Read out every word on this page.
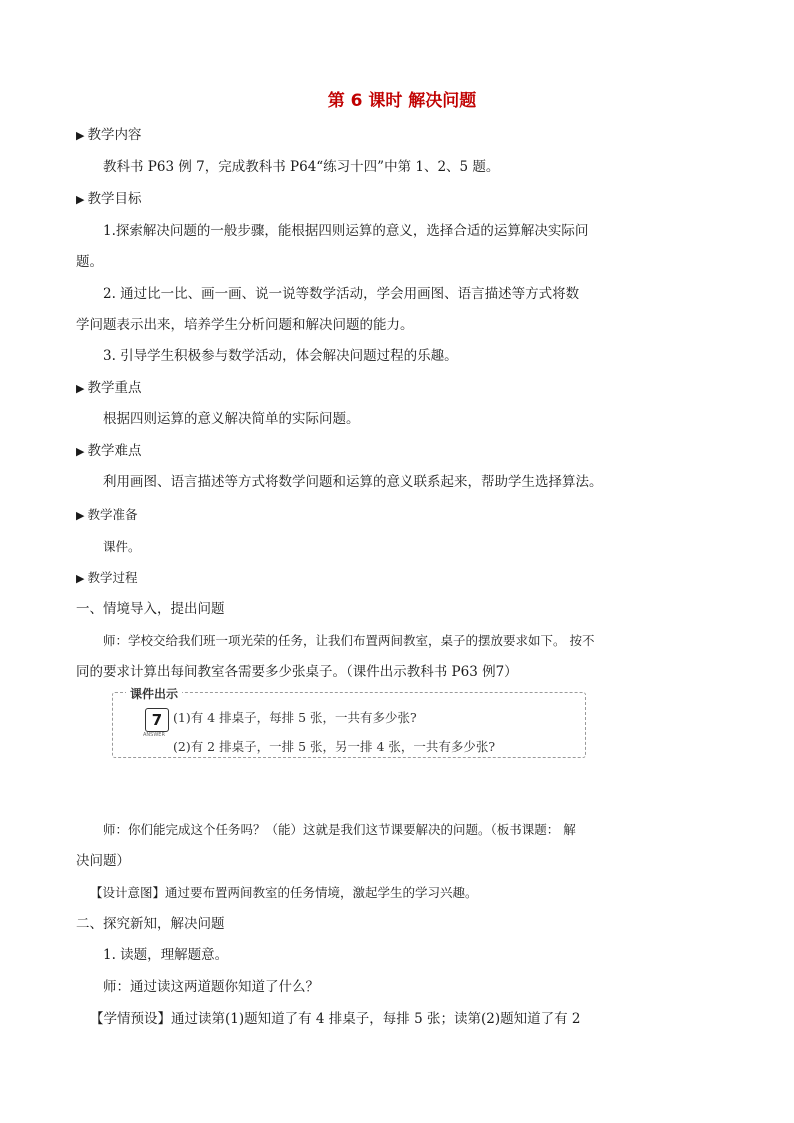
第 6 课时 解决问题
▶ 教学内容
教科书 P63 例 7，完成教科书 P64“练习十四”中第 1、2、5 题。
▶ 教学目标
1.探索解决问题的一般步骤，能根据四则运算的意义，选择合适的运算解决实际问
题。
2. 通过比一比、画一画、说一说等数学活动，学会用画图、语言描述等方式将数
学问题表示出来，培养学生分析问题和解决问题的能力。
3. 引导学生积极参与数学活动，体会解决问题过程的乐趣。
▶ 教学重点
根据四则运算的意义解决简单的实际问题。
▶ 教学难点
利用画图、语言描述等方式将数学问题和运算的意义联系起来，帮助学生选择算法。
▶ 教学准备
课件。
▶ 教学过程
一、情境导入，提出问题
师：学校交给我们班一项光荣的任务，让我们布置两间教室，桌子的摆放要求如下。 按不
同的要求计算出每间教室各需要多少张桌子。（课件出示教科书 P63 例7）
课件出示
7
ANSWER
(1)有 4 排桌子，每排 5 张，一共有多少张?
(2)有 2 排桌子，一排 5 张，另一排 4 张，一共有多少张?
师：你们能完成这个任务吗？（能）这就是我们这节课要解决的问题。（板书课题： 解
决问题）
【设计意图】通过要布置两间教室的任务情境，激起学生的学习兴趣。
二、探究新知，解决问题
1. 读题，理解题意。
师：通过读这两道题你知道了什么？
【学情预设】通过读第(1)题知道了有 4 排桌子，每排 5 张；读第(2)题知道了有 2
